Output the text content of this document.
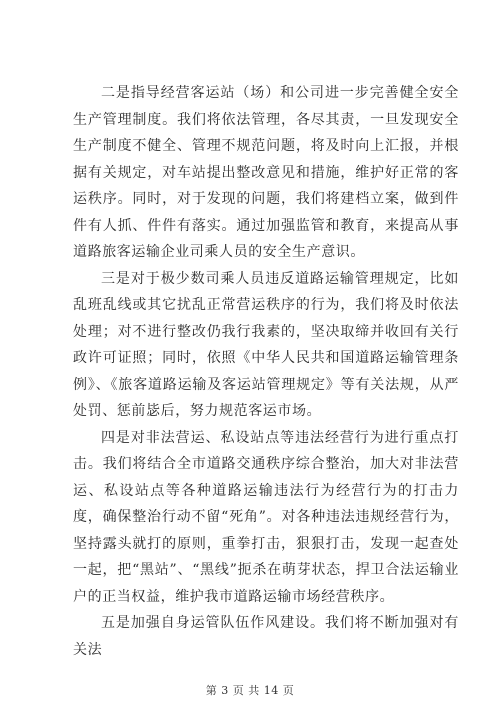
二是指导经营客运站（场）和公司进一步完善健全安全生产管理制度。我们将依法管理，各尽其责，一旦发现安全生产制度不健全、管理不规范问题，将及时向上汇报，并根据有关规定，对车站提出整改意见和措施，维护好正常的客运秩序。同时，对于发现的问题，我们将建档立案，做到件件有人抓、件件有落实。通过加强监管和教育，来提高从事道路旅客运输企业司乘人员的安全生产意识。

三是对于极少数司乘人员违反道路运输管理规定，比如乱班乱线或其它扰乱正常营运秩序的行为，我们将及时依法处理；对不进行整改仍我行我素的，坚决取缔并收回有关行政许可证照；同时，依照《中华人民共和国道路运输管理条例》、《旅客道路运输及客运站管理规定》等有关法规，从严处罚、惩前毖后，努力规范客运市场。

四是对非法营运、私设站点等违法经营行为进行重点打击。我们将结合全市道路交通秩序综合整治，加大对非法营运、私设站点等各种道路运输违法行为经营行为的打击力度，确保整治行动不留“死角”。对各种违法违规经营行为，坚持露头就打的原则，重拳打击，狠狠打击，发现一起查处一起，把“黑站”、“黑线”扼杀在萌芽状态，捍卫合法运输业户的正当权益，维护我市道路运输市场经营秩序。

五是加强自身运管队伍作风建设。我们将不断加强对有关法

第 3 页 共 14 页
